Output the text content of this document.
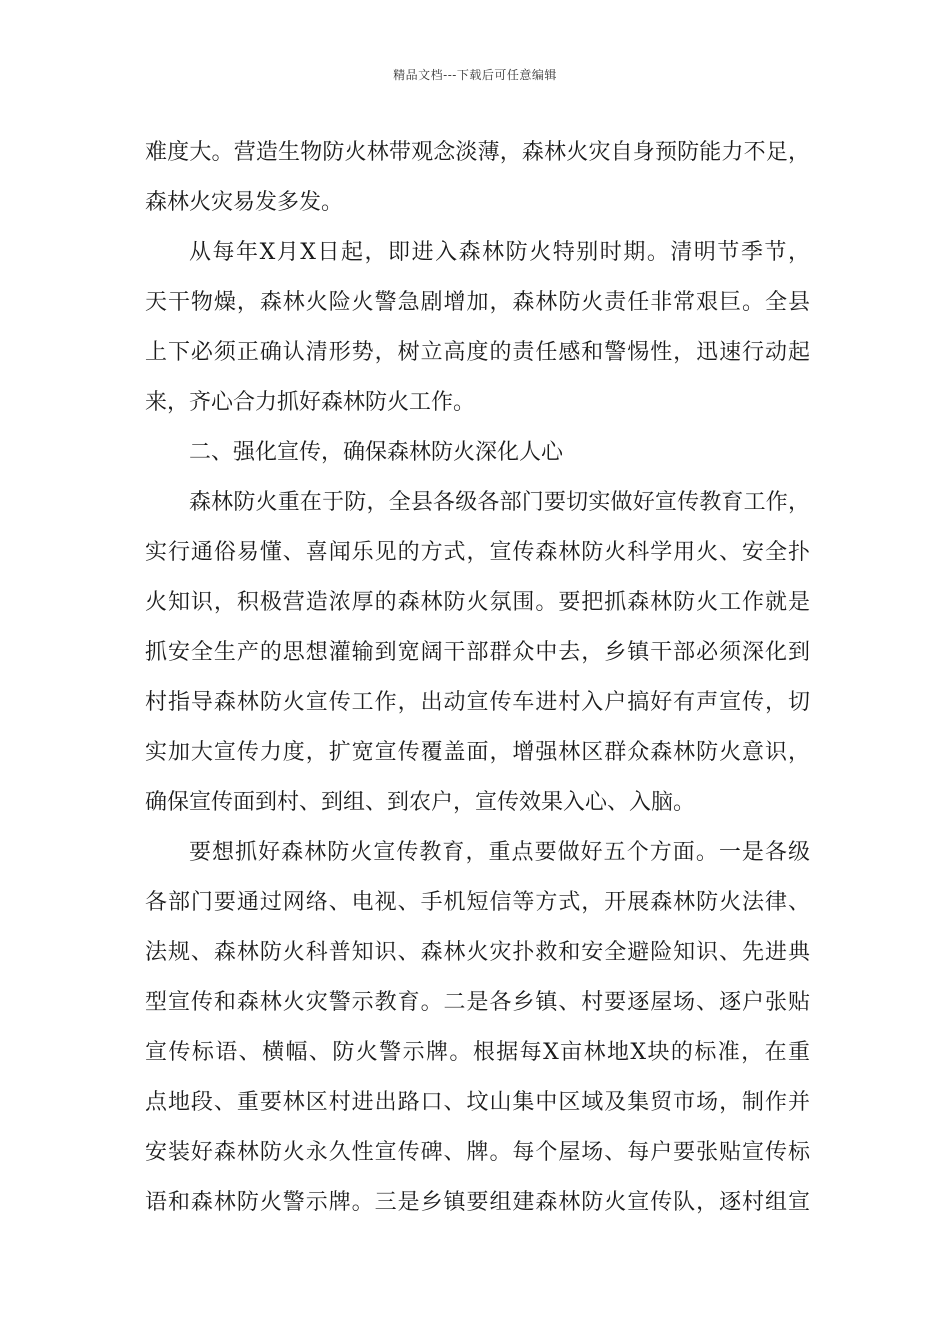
精品文档---下载后可任意编辑
难度大。营造生物防火林带观念淡薄，森林火灾自身预防能力不足，
森林火灾易发多发。
从每年X月X日起，即进入森林防火特别时期。清明节季节，
天干物燥，森林火险火警急剧增加，森林防火责任非常艰巨。全县
上下必须正确认清形势，树立高度的责任感和警惕性，迅速行动起
来，齐心合力抓好森林防火工作。
二、强化宣传，确保森林防火深化人心
森林防火重在于防，全县各级各部门要切实做好宣传教育工作，
实行通俗易懂、喜闻乐见的方式，宣传森林防火科学用火、安全扑
火知识，积极营造浓厚的森林防火氛围。要把抓森林防火工作就是
抓安全生产的思想灌输到宽阔干部群众中去，乡镇干部必须深化到
村指导森林防火宣传工作，出动宣传车进村入户搞好有声宣传，切
实加大宣传力度，扩宽宣传覆盖面，增强林区群众森林防火意识，
确保宣传面到村、到组、到农户，宣传效果入心、入脑。
要想抓好森林防火宣传教育，重点要做好五个方面。一是各级
各部门要通过网络、电视、手机短信等方式，开展森林防火法律、
法规、森林防火科普知识、森林火灾扑救和安全避险知识、先进典
型宣传和森林火灾警示教育。二是各乡镇、村要逐屋场、逐户张贴
宣传标语、横幅、防火警示牌。根据每X亩林地X块的标准，在重
点地段、重要林区村进出路口、坟山集中区域及集贸市场，制作并
安装好森林防火永久性宣传碑、牌。每个屋场、每户要张贴宣传标
语和森林防火警示牌。三是乡镇要组建森林防火宣传队，逐村组宣
